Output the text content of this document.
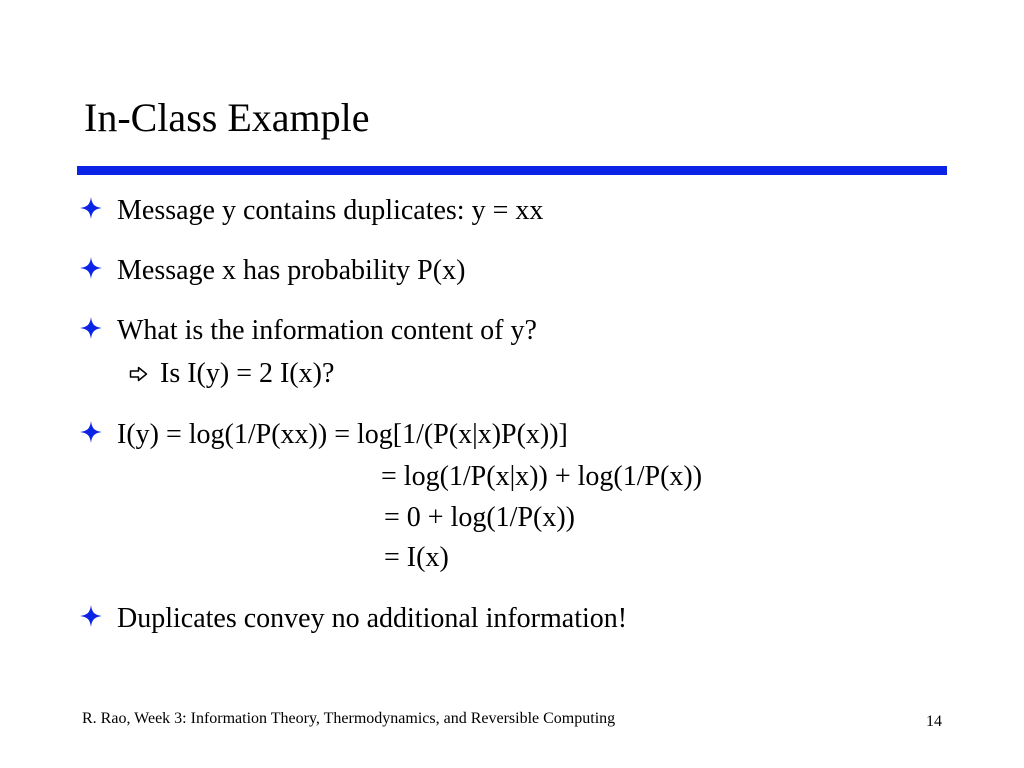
In-Class Example
Message y contains duplicates: y = xx
Message x has probability P(x)
What is the information content of y?
Is I(y) = 2 I(x)?
I(y) = log(1/P(xx)) = log[1/(P(x|x)P(x))]
= log(1/P(x|x)) + log(1/P(x))
= 0 + log(1/P(x))
= I(x)
Duplicates convey no additional information!
R. Rao, Week 3: Information Theory, Thermodynamics, and Reversible Computing	14
